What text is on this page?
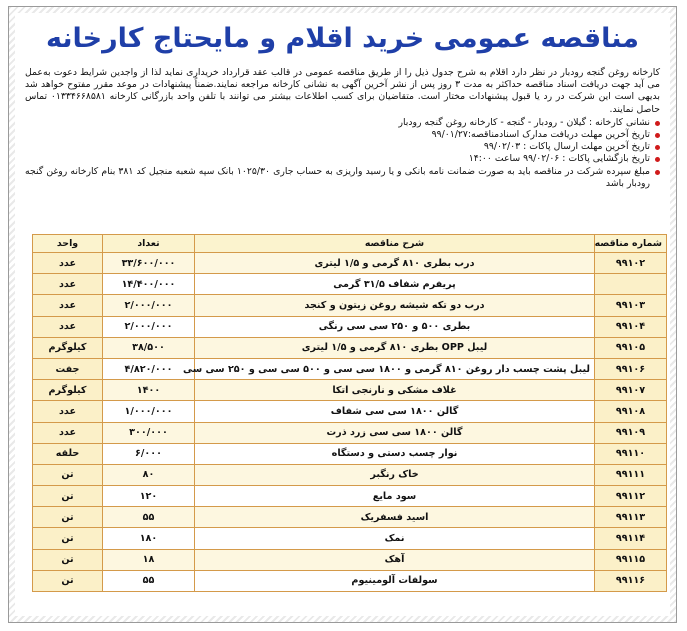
مناقصه عمومی خرید اقلام و مایحتاج کارخانه

کارخانه روغن گنجه رودبار در نظر دارد اقلام به شرح جدول ذیل را از طریق مناقصه عمومی در قالب عقد قرارداد خریداری نماید لذا از واجدین شرایط دعوت به‌عمل می آید جهت دریافت اسناد مناقصه حداکثر به مدت ۳ روز پس از نشر آخرین آگهی به نشانی کارخانه مراجعه نمایند.ضمناً پیشنهادات در موعد مقرر مفتوح خواهد شد بدیهی است این شرکت در رد یا قبول پیشنهادات مختار است. متقاضیان برای کسب اطلاعات بیشتر می توانند با تلفن واحد بازرگانی کارخانه ۰۱۳۳۴۶۶۸۵۸۱ تماس حاصل نمایند.

نشانی کارخانه : گیلان - رودبار - گنجه - کارخانه روغن گنجه رودبار
تاریخ آخرین مهلت دریافت مدارک اسناد‌مناقصه:۹۹/۰۱/۲۷
تاریخ آخرین مهلت ارسال پاکات : ۹۹/۰۲/۰۳
تاریخ بازگشایی پاکات : ۹۹/۰۲/۰۶ ساعت ۱۴:۰۰
مبلغ سپرده شرکت در مناقصه باید به صورت ضمانت نامه بانکی و یا رسید واریزی به حساب جاری ۱۰۲۵/۳۰ بانک سپه شعبه منجیل کد ۳۸۱ بنام کارخانه روغن گنجه رودبار باشد
شماره مناقصه	شرح مناقصه	تعداد	واحد
۹۹۱۰۲	درب بطری ۸۱۰ گرمی و ۱/۵ لیتری	۳۳/۶۰۰/۰۰۰	عدد
	پریفرم شفاف ۳۱/۵ گرمی	۱۴/۴۰۰/۰۰۰	عدد
۹۹۱۰۳	درب دو تکه شیشه روغن زیتون و کنجد	۲/۰۰۰/۰۰۰	عدد
۹۹۱۰۴	بطری ۵۰۰ و ۲۵۰ سی سی رنگی	۲/۰۰۰/۰۰۰	عدد
۹۹۱۰۵	لیبل OPP بطری ۸۱۰ گرمی و ۱/۵ لیتری	۳۸/۵۰۰	کیلوگرم
۹۹۱۰۶	لیبل پشت چسب دار روغن ۸۱۰ گرمی و ۱۸۰۰ سی سی و ۵۰۰ سی سی و ۲۵۰ سی سی	۴/۸۲۰/۰۰۰	جفت
۹۹۱۰۷	غلاف مشکی و نارنجی اتکا	۱۴۰۰	کیلوگرم
۹۹۱۰۸	گالن ۱۸۰۰ سی سی شفاف	۱/۰۰۰/۰۰۰	عدد
۹۹۱۰۹	گالن ۱۸۰۰ سی سی زرد ذرت	۳۰۰/۰۰۰	عدد
۹۹۱۱۰	نوار چسب دستی و دستگاه	۶/۰۰۰	حلقه
۹۹۱۱۱	خاک رنگبر	۸۰	تن
۹۹۱۱۲	سود مایع	۱۲۰	تن
۹۹۱۱۳	اسید فسفریک	۵۵	تن
۹۹۱۱۴	نمک	۱۸۰	تن
۹۹۱۱۵	آهک	۱۸	تن
۹۹۱۱۶	سولفات آلومینیوم	۵۵	تن
